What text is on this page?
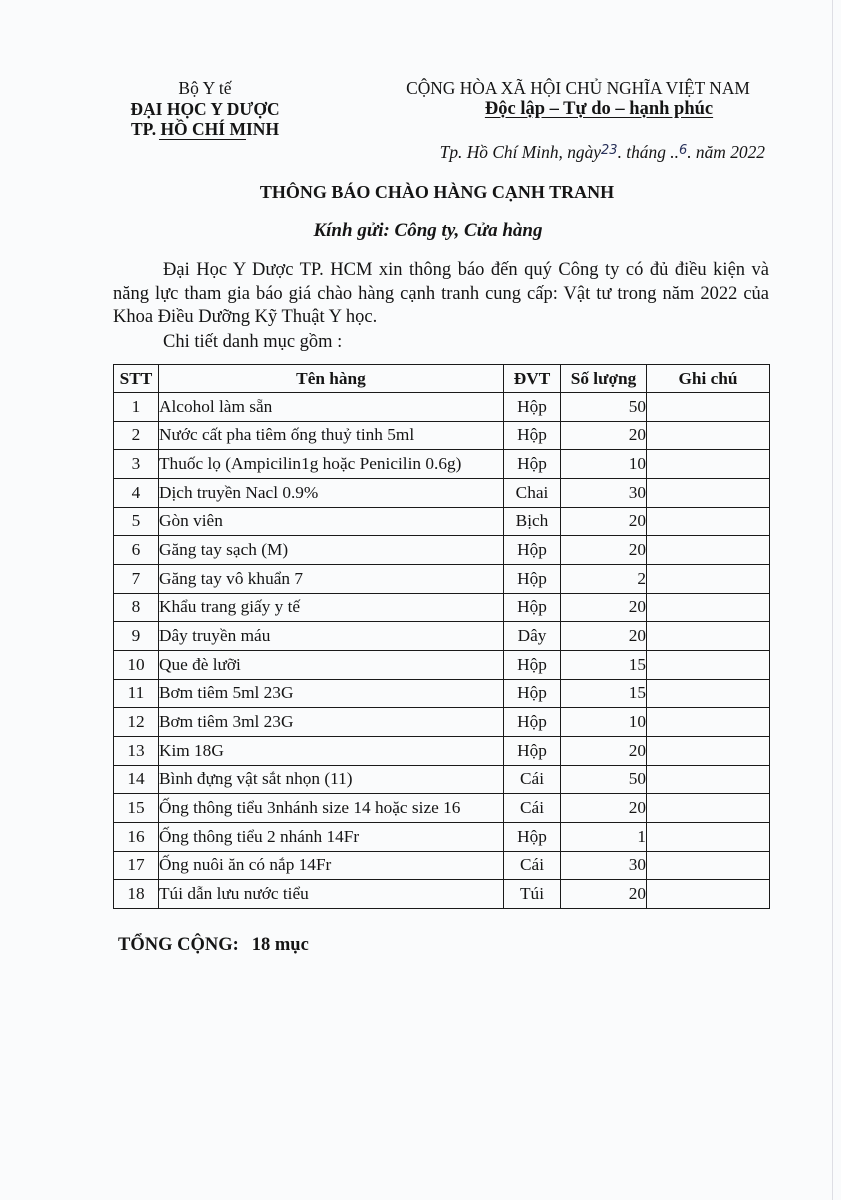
Bộ Y tế
ĐẠI HỌC Y DƯỢC
TP. HỒ CHÍ MINH
CỘNG HÒA XÃ HỘI CHỦ NGHĨA VIỆT NAM
Độc lập – Tự do – hạnh phúc
Tp. Hồ Chí Minh, ngày$^{23}$. tháng ..$^6$. năm 2022
THÔNG BÁO CHÀO HÀNG CẠNH TRANH
Kính gửi: Công ty, Cửa hàng
Đại Học Y Dược TP. HCM xin thông báo đến quý Công ty có đủ điều kiện và năng lực tham gia báo giá chào hàng cạnh tranh cung cấp: Vật tư trong năm 2022 của Khoa Điều Dưỡng Kỹ Thuật Y học.
Chi tiết danh mục gồm :
STT	Tên hàng	ĐVT	Số lượng	Ghi chú
1	Alcohol làm sẵn	Hộp	50	
2	Nước cất pha tiêm ống thuỷ tinh 5ml	Hộp	20	
3	Thuốc lọ (Ampicilin1g hoặc Penicilin 0.6g)	Hộp	10	
4	Dịch truyền Nacl 0.9%	Chai	30	
5	Gòn viên	Bịch	20	
6	Găng tay sạch (M)	Hộp	20	
7	Găng tay vô khuẩn 7	Hộp	2	
8	Khẩu trang giấy y tế	Hộp	20	
9	Dây truyền máu	Dây	20	
10	Que đè lưỡi	Hộp	15	
11	Bơm tiêm 5ml 23G	Hộp	15	
12	Bơm tiêm 3ml 23G	Hộp	10	
13	Kim 18G	Hộp	20	
14	Bình đựng vật sắt nhọn (11)	Cái	50	
15	Ống thông tiểu 3nhánh size 14 hoặc size 16	Cái	20	
16	Ống thông tiểu 2 nhánh 14Fr	Hộp	1	
17	Ống nuôi ăn có nắp 14Fr	Cái	30	
18	Túi dẫn lưu nước tiểu	Túi	20	
TỔNG CỘNG: 18 mục
